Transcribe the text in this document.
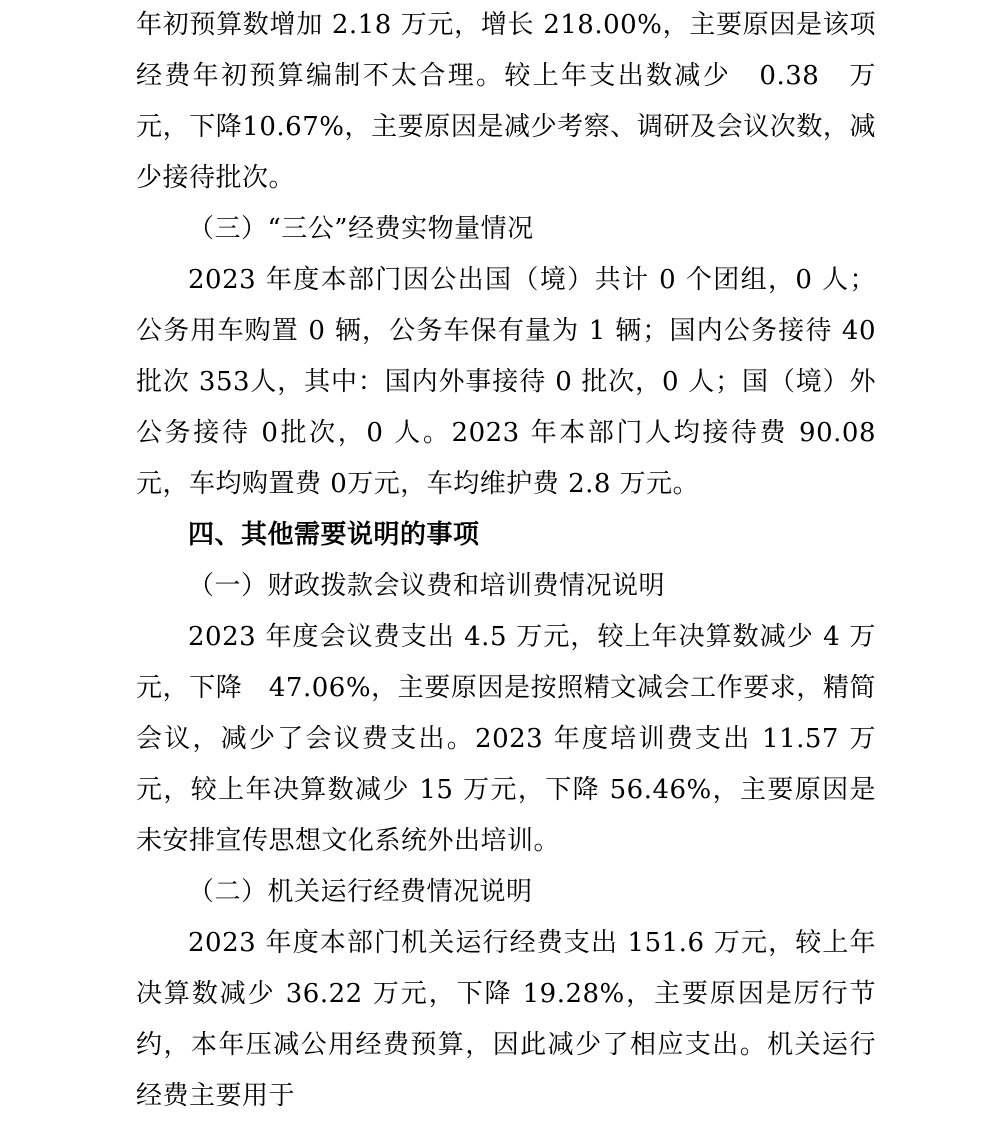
年初预算数增加 2.18 万元，增长 218.00%，主要原因是该项经费年初预算编制不太合理。较上年支出数减少　0.38　万元，下降10.67%，主要原因是减少考察、调研及会议次数，减少接待批次。

（三）“三公”经费实物量情况

2023 年度本部门因公出国（境）共计 0 个团组，0 人；公务用车购置 0 辆，公务车保有量为 1 辆；国内公务接待 40 批次 353人，其中：国内外事接待 0 批次，0 人；国（境）外公务接待 0批次，0 人。2023 年本部门人均接待费 90.08 元，车均购置费 0万元，车均维护费 2.8 万元。

四、其他需要说明的事项

（一）财政拨款会议费和培训费情况说明

2023 年度会议费支出 4.5 万元，较上年决算数减少 4 万元，下降　47.06%，主要原因是按照精文减会工作要求，精简会议，减少了会议费支出。2023 年度培训费支出 11.57 万元，较上年决算数减少 15 万元，下降 56.46%，主要原因是未安排宣传思想文化系统外出培训。

（二）机关运行经费情况说明

2023 年度本部门机关运行经费支出 151.6 万元，较上年决算数减少 36.22 万元，下降 19.28%，主要原因是厉行节约，本年压减公用经费预算，因此减少了相应支出。机关运行经费主要用于
